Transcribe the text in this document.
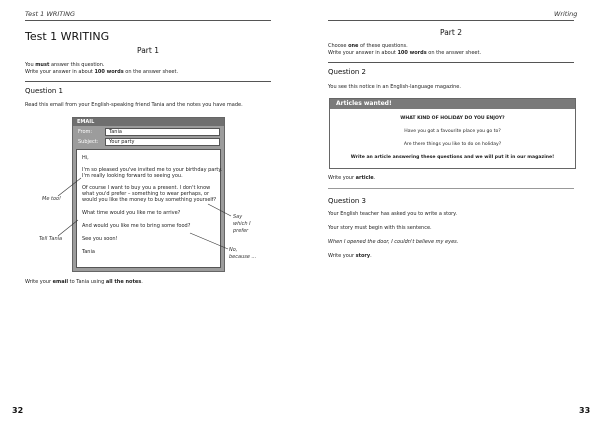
Test 1 WRITING
Test 1 WRITING
Part 1
You must answer this question.
Write your answer in about 100 words on the answer sheet.
Question 1
Read this email from your English-speaking friend Tania and the notes you have made.
EMAIL
From:	Tania
Subject:	Your party
Hi,
I'm so pleased you've invited me to your birthday party.
I'm really looking forward to seeing you.
Of course I want to buy you a present. I don't know
what you'd prefer – something to wear perhaps, or
would you like the money to buy something yourself?
What time would you like me to arrive?
And would you like me to bring some food?
See you soon!
Tania
Me too!
Tell Tania
Say
which I
prefer
No,
because ...
Write your email to Tania using all the notes.
32
Writing
Part 2
Choose one of these questions.
Write your answer in about 100 words on the answer sheet.
Question 2
You see this notice in an English-language magazine.
Articles wanted!
WHAT KIND OF HOLIDAY DO YOU ENJOY?
Have you got a favourite place you go to?
Are there things you like to do on holiday?
Write an article answering these questions and we will put it in our magazine!
Write your article.
Question 3
Your English teacher has asked you to write a story.
Your story must begin with this sentence.
When I opened the door, I couldn't believe my eyes.
Write your story.
33
